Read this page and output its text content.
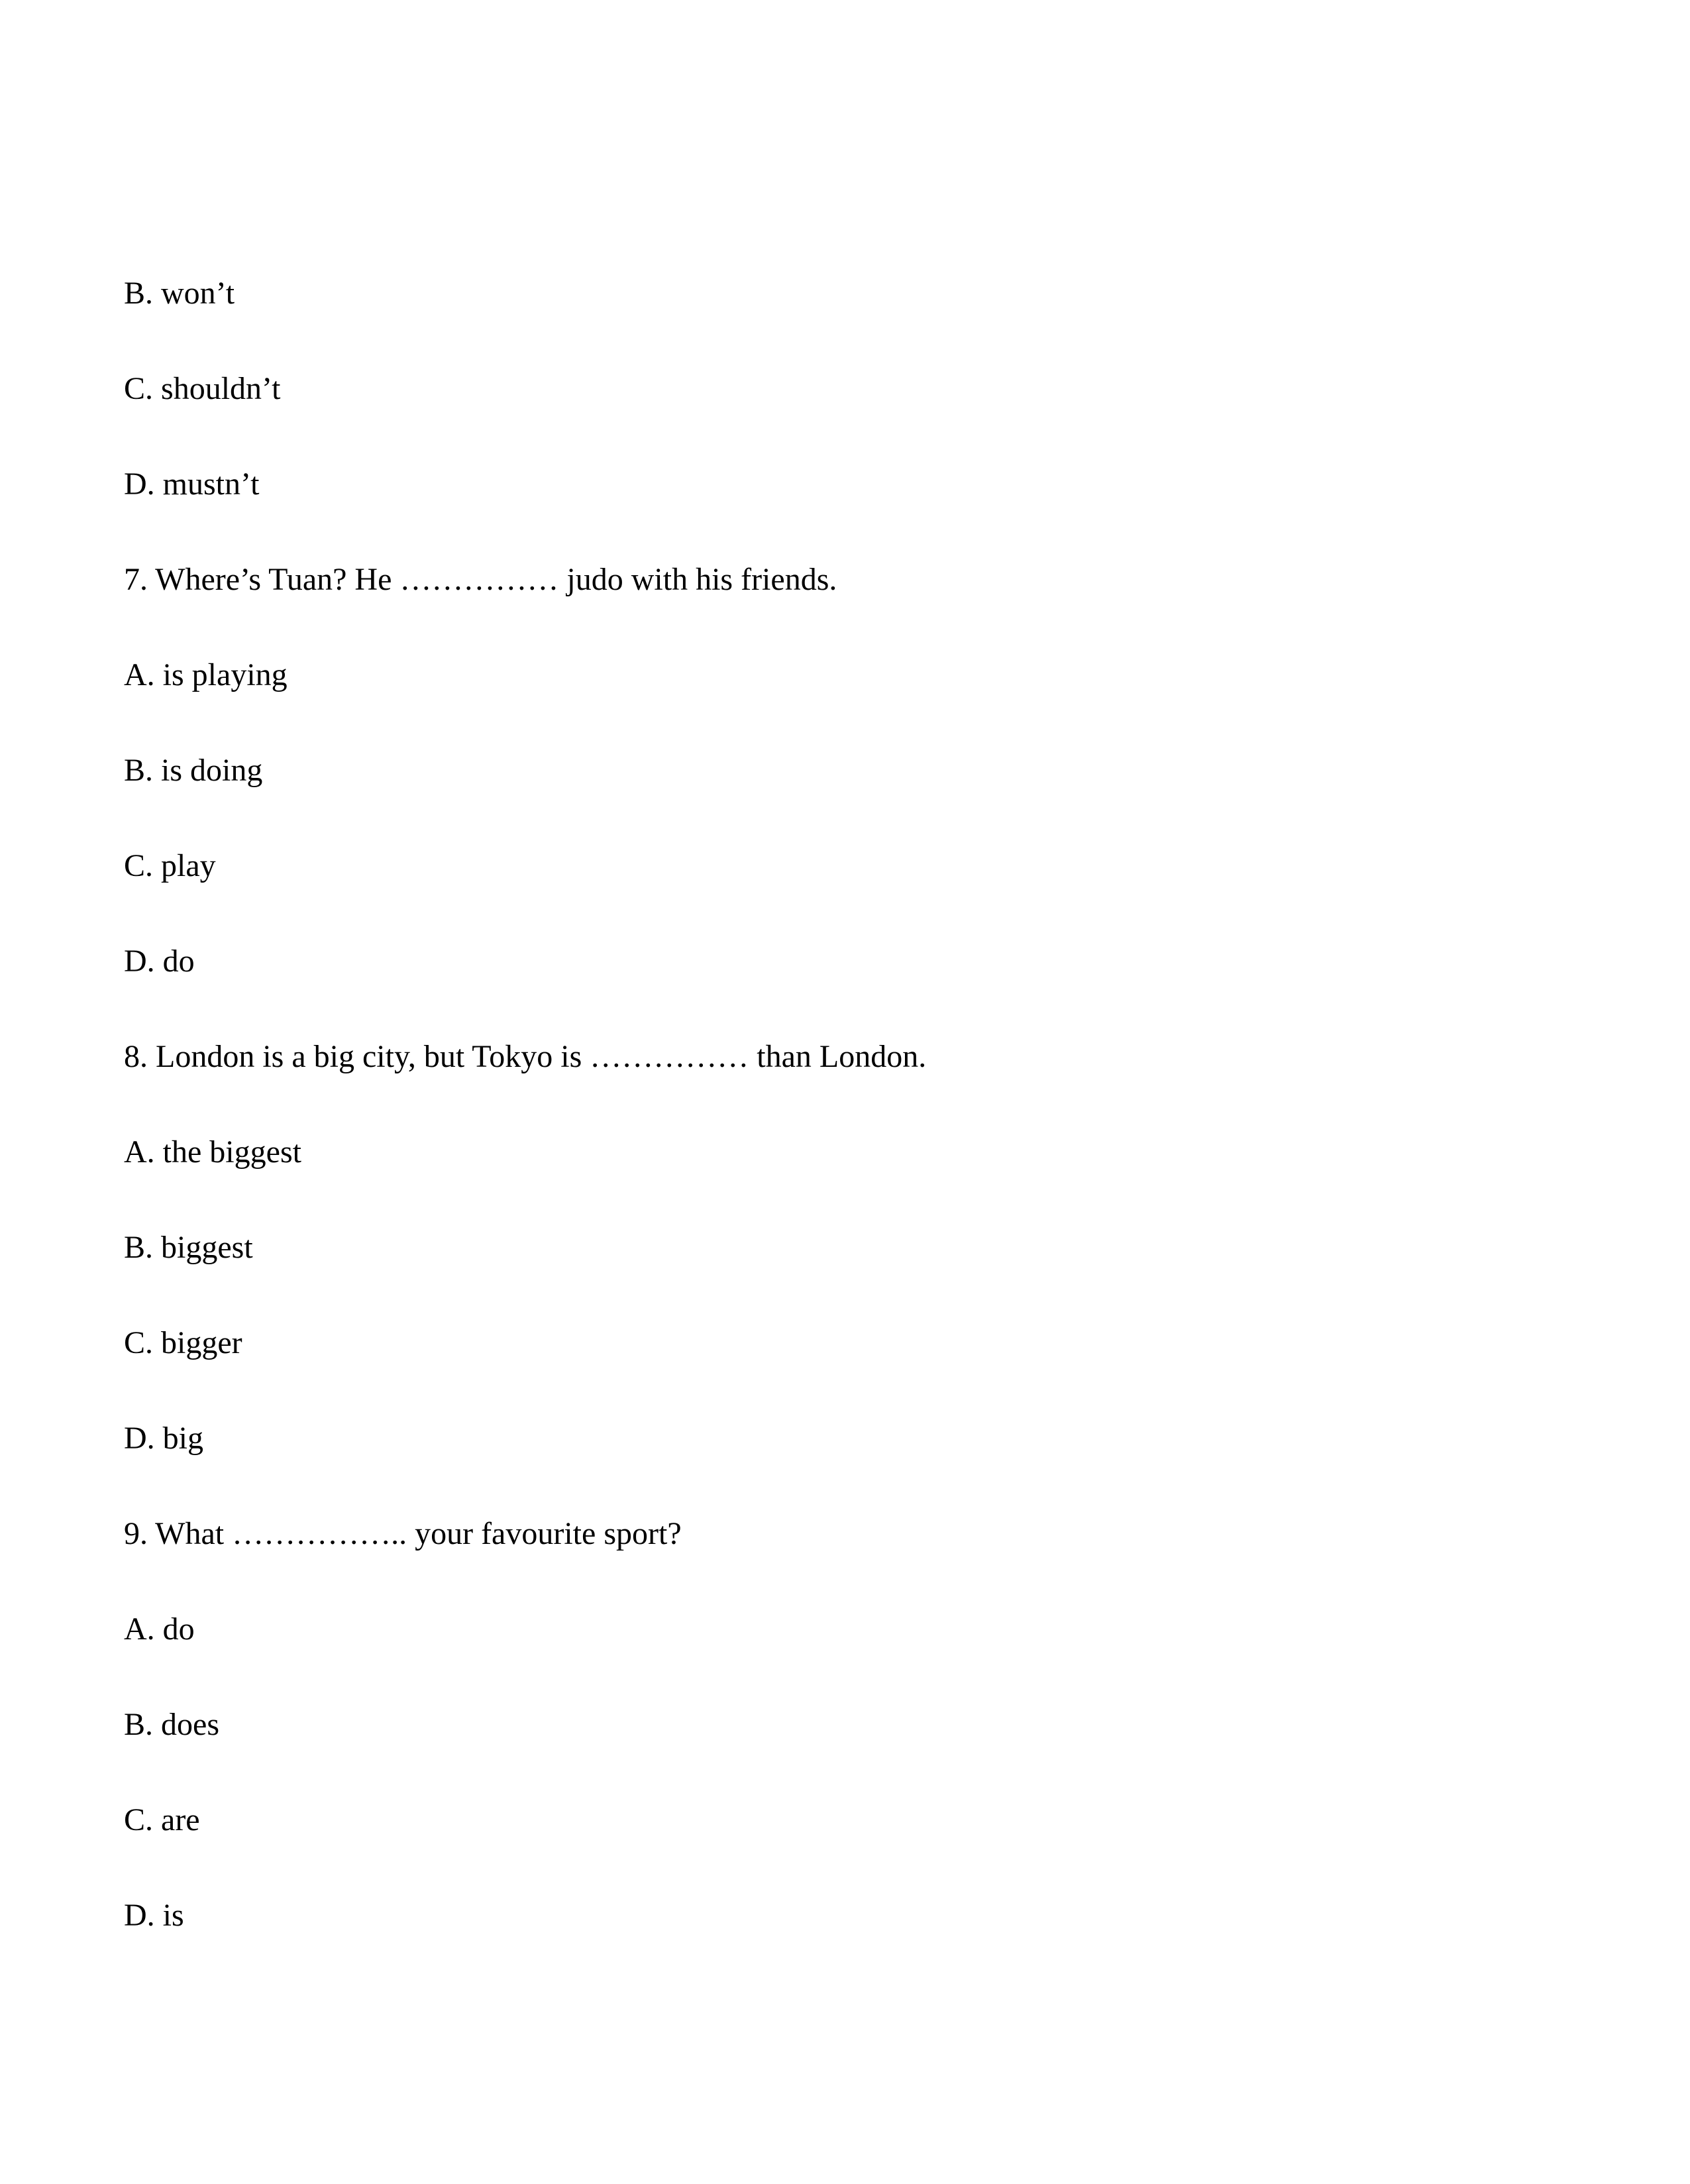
B. won’t
C. shouldn’t
D. mustn’t
7. Where’s Tuan? He …………… judo with his friends.
A. is playing
B. is doing
C. play
D. do
8. London is a big city, but Tokyo is …………… than London.
A. the biggest
B. biggest
C. bigger
D. big
9. What …………….. your favourite sport?
A. do
B. does
C. are
D. is
